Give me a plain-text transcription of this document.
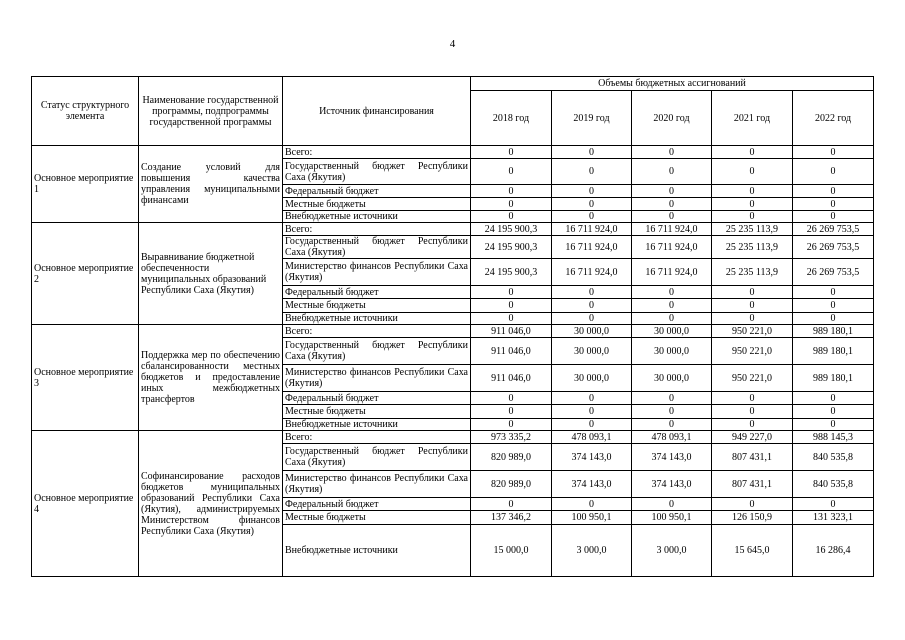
4
Статус структурного элемента	Наименование государственной программы, подпрограммы государственной программы	Источник финансирования	Объемы бюджетных ассигнований				
			2018 год	2019 год	2020 год	2021 год	2022 год
Основное мероприятие 1	Создание условий для повышения качества управления муниципальными финансами	Всего:	0	0	0	0	0
		Государственный бюджет Республики Саха (Якутия)	0	0	0	0	0
		Федеральный бюджет	0	0	0	0	0
		Местные бюджеты	0	0	0	0	0
		Внебюджетные источники	0	0	0	0	0
Основное мероприятие 2	Выравнивание бюджетной обеспеченности муниципальных образований Республики Саха (Якутия)	Всего:	24 195 900,3	16 711 924,0	16 711 924,0	25 235 113,9	26 269 753,5
		Государственный бюджет Республики Саха (Якутия)	24 195 900,3	16 711 924,0	16 711 924,0	25 235 113,9	26 269 753,5
		Министерство финансов Республики Саха (Якутия)	24 195 900,3	16 711 924,0	16 711 924,0	25 235 113,9	26 269 753,5
		Федеральный бюджет	0	0	0	0	0
		Местные бюджеты	0	0	0	0	0
		Внебюджетные источники	0	0	0	0	0
Основное мероприятие 3	Поддержка мер по обеспечению сбалансированности местных бюджетов и предоставление иных межбюджетных трансфертов	Всего:	911 046,0	30 000,0	30 000,0	950 221,0	989 180,1
		Государственный бюджет Республики Саха (Якутия)	911 046,0	30 000,0	30 000,0	950 221,0	989 180,1
		Министерство финансов Республики Саха (Якутия)	911 046,0	30 000,0	30 000,0	950 221,0	989 180,1
		Федеральный бюджет	0	0	0	0	0
		Местные бюджеты	0	0	0	0	0
		Внебюджетные источники	0	0	0	0	0
Основное мероприятие 4	Софинансирование расходов бюджетов муниципальных образований Республики Саха (Якутия), администрируемых Министерством финансов Республики Саха (Якутия)	Всего:	973 335,2	478 093,1	478 093,1	949 227,0	988 145,3
		Государственный бюджет Республики Саха (Якутия)	820 989,0	374 143,0	374 143,0	807 431,1	840 535,8
		Министерство финансов Республики Саха (Якутия)	820 989,0	374 143,0	374 143,0	807 431,1	840 535,8
		Федеральный бюджет	0	0	0	0	0
		Местные бюджеты	137 346,2	100 950,1	100 950,1	126 150,9	131 323,1
		Внебюджетные источники	15 000,0	3 000,0	3 000,0	15 645,0	16 286,4
